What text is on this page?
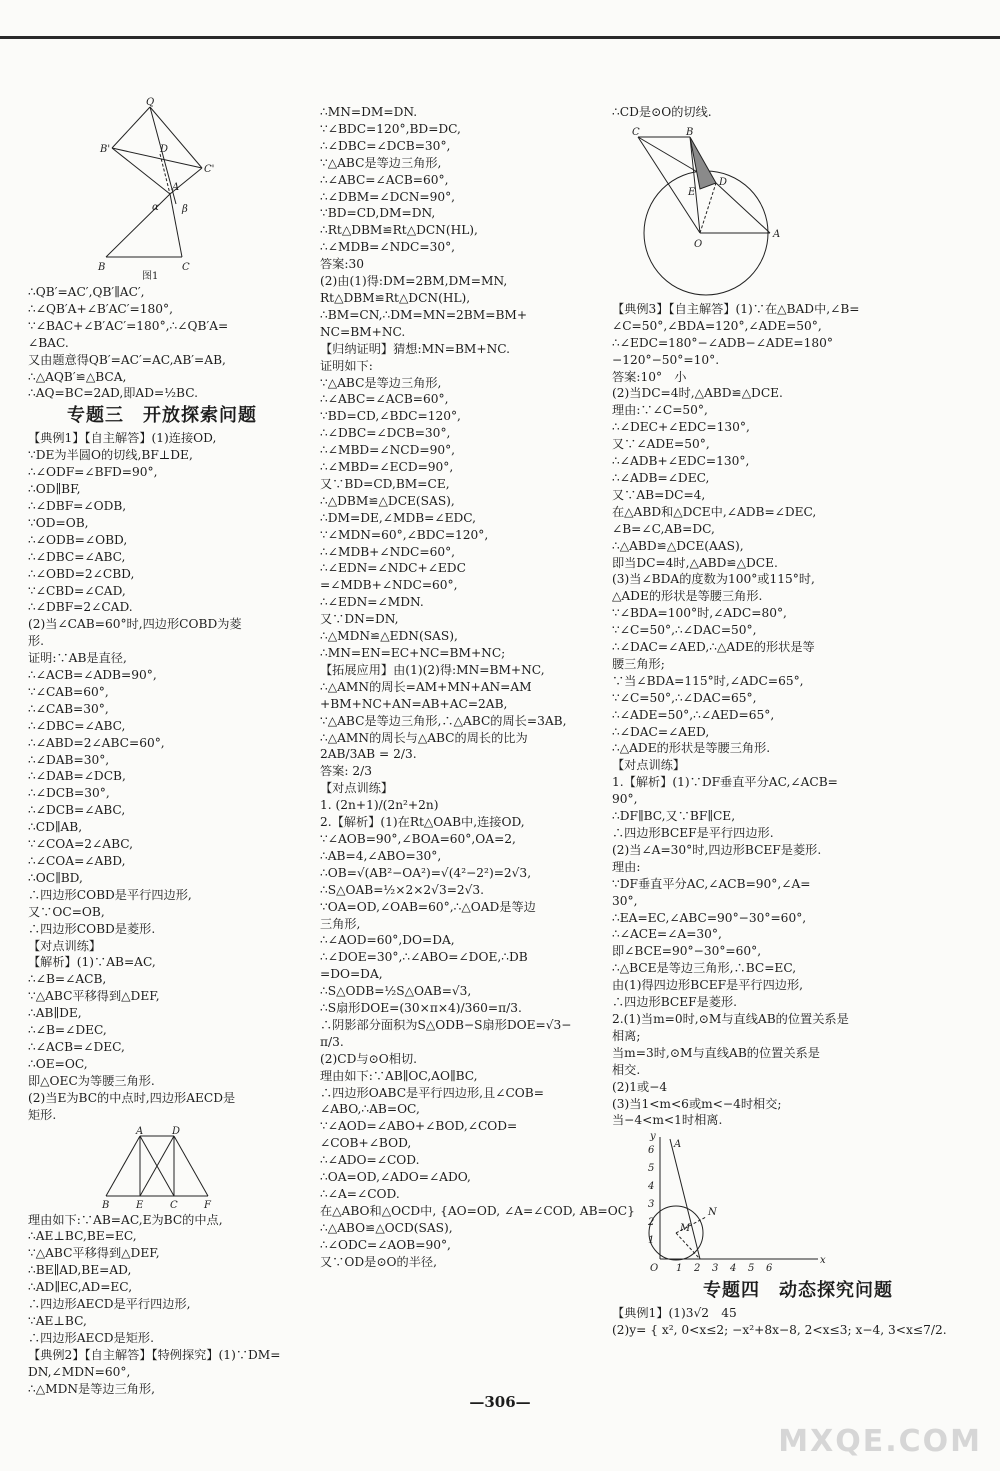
Q
B'	D
C'
A
α β
B	C
图1
∴QB′=AC′,QB′∥AC′,
∴∠QB′A+∠B′AC′=180°,
∵∠BAC+∠B′AC′=180°,∴∠QB′A=
∠BAC.
又由题意得QB′=AC′=AC,AB′=AB,
∴△AQB′≌△BCA,
∴AQ=BC=2AD,即AD=½BC.
专题三　开放探索问题
【典例1】【自主解答】(1)连接OD,
∵DE为半圆O的切线,BF⊥DE,
∴∠ODF=∠BFD=90°,
∴OD∥BF,
∴∠DBF=∠ODB,
∵OD=OB,
∴∠ODB=∠OBD,
∴∠DBC=∠ABC,
∴∠OBD=2∠CBD,
∵∠CBD=∠CAD,
∴∠DBF=2∠CAD.
(2)当∠CAB=60°时,四边形COBD为菱
形.
证明:∵AB是直径,
∴∠ACB=∠ADB=90°,
∵∠CAB=60°,
∴∠CAB=30°,
∴∠DBC=∠ABC,
∴∠ABD=2∠ABC=60°,
∴∠DAB=30°,
∴∠DAB=∠DCB,
∴∠DCB=30°,
∴∠DCB=∠ABC,
∴CD∥AB,
∵∠COA=2∠ABC,
∴∠COA=∠ABD,
∴OC∥BD,
∴四边形COBD是平行四边形,
又∵OC=OB,
∴四边形COBD是菱形.
【对点训练】
【解析】(1)∵AB=AC,
∴∠B=∠ACB,
∵△ABC平移得到△DEF,
∴AB∥DE,
∴∠B=∠DEC,
∴∠ACB=∠DEC,
∴OE=OC,
即△OEC为等腰三角形.
(2)当E为BC的中点时,四边形AECD是
矩形.
A	D
B	E	C	F
理由如下:∵AB=AC,E为BC的中点,
∴AE⊥BC,BE=EC,
∵△ABC平移得到△DEF,
∴BE∥AD,BE=AD,
∴AD∥EC,AD=EC,
∴四边形AECD是平行四边形,
∵AE⊥BC,
∴四边形AECD是矩形.
【典例2】【自主解答】【特例探究】(1)∵DM=
DN,∠MDN=60°,
∴△MDN是等边三角形,
∴MN=DM=DN.
∵∠BDC=120°,BD=DC,
∴∠DBC=∠DCB=30°,
∵△ABC是等边三角形,
∴∠ABC=∠ACB=60°,
∴∠DBM=∠DCN=90°,
∵BD=CD,DM=DN,
∴Rt△DBM≌Rt△DCN(HL),
∴∠MDB=∠NDC=30°,
答案:30
(2)由(1)得:DM=2BM,DM=MN,
Rt△DBM≌Rt△DCN(HL),
∴BM=CN,∴DM=MN=2BM=BM+
NC=BM+NC.
【归纳证明】猜想:MN=BM+NC.
证明如下:
∵△ABC是等边三角形,
∴∠ABC=∠ACB=60°,
∵BD=CD,∠BDC=120°,
∴∠DBC=∠DCB=30°,
∴∠MBD=∠NCD=90°,
∴∠MBD=∠ECD=90°,
又∵BD=CD,BM=CE,
∴△DBM≌△DCE(SAS),
∴DM=DE,∠MDB=∠EDC,
∵∠MDN=60°,∠BDC=120°,
∴∠MDB+∠NDC=60°,
∴∠EDN=∠NDC+∠EDC
=∠MDB+∠NDC=60°,
∴∠EDN=∠MDN.
又∵DN=DN,
∴△MDN≌△EDN(SAS),
∴MN=EN=EC+NC=BM+NC;
【拓展应用】由(1)(2)得:MN=BM+NC,
∴△AMN的周长=AM+MN+AN=AM
+BM+NC+AN=AB+AC=2AB,
∵△ABC是等边三角形,∴△ABC的周长=3AB,
∴△AMN的周长与△ABC的周长的比为
2AB/3AB = 2/3.
答案: 2/3
【对点训练】
1. (2n+1)/(2n²+2n)
2.【解析】(1)在Rt△OAB中,连接OD,
∵∠AOB=90°,∠BOA=60°,OA=2,
∴AB=4,∠ABO=30°,
∴OB=√(AB²−OA²)=√(4²−2²)=2√3,
∴S△OAB=½×2×2√3=2√3.
∵OA=OD,∠OAB=60°,∴△OAD是等边
三角形,
∴∠AOD=60°,DO=DA,
∴∠DOE=30°,∴∠ABO=∠DOE,∴DB
=DO=DA,
∴S△ODB=½S△OAB=√3,
∴S扇形DOE=(30×π×4)/360=π/3.
∴阴影部分面积为S△ODB−S扇形DOE=√3−
π/3.
(2)CD与⊙O相切.
理由如下:∵AB∥OC,AO∥BC,
∴四边形OABC是平行四边形,且∠COB=
∠ABO,∴AB=OC,
∵∠AOD=∠ABO+∠BOD,∠COD=
∠COB+∠BOD,
∴∠ADO=∠COD.
∴OA=OD,∠ADO=∠ADO,
∴∠A=∠COD.
在△ABO和△OCD中, {AO=OD, ∠A=∠COD, AB=OC}
∴△ABO≌△OCD(SAS),
∴∠ODC=∠AOB=90°,
又∵OD是⊙O的半径,
∴CD是⊙O的切线.
C	B
E
D
O
A
【典例3】【自主解答】(1)∵在△BAD中,∠B=
∠C=50°,∠BDA=120°,∠ADE=50°,
∴∠EDC=180°−∠ADB−∠ADE=180°
−120°−50°=10°.
答案:10°　小
(2)当DC=4时,△ABD≌△DCE.
理由:∵∠C=50°,
∴∠DEC+∠EDC=130°,
又∵∠ADE=50°,
∴∠ADB+∠EDC=130°,
∴∠ADB=∠DEC,
又∵AB=DC=4,
在△ABD和△DCE中,∠ADB=∠DEC,
∠B=∠C,AB=DC,
∴△ABD≌△DCE(AAS),
即当DC=4时,△ABD≌△DCE.
(3)当∠BDA的度数为100°或115°时,
△ADE的形状是等腰三角形.
∵∠BDA=100°时,∠ADC=80°,
∵∠C=50°,∴∠DAC=50°,
∴∠DAC=∠AED,∴△ADE的形状是等
腰三角形;
∵当∠BDA=115°时,∠ADC=65°,
∵∠C=50°,∴∠DAC=65°,
∴∠ADE=50°,∴∠AED=65°,
∴∠DAC=∠AED,
∴△ADE的形状是等腰三角形.
【对点训练】
1.【解析】(1)∵DF垂直平分AC,∠ACB=
90°,
∴DF∥BC,又∵BF∥CE,
∴四边形BCEF是平行四边形.
(2)当∠A=30°时,四边形BCEF是菱形.
理由:
∵DF垂直平分AC,∠ACB=90°,∠A=
30°,
∴EA=EC,∠ABC=90°−30°=60°,
∴∠ACE=∠A=30°,
即∠BCE=90°−30°=60°,
∴△BCE是等边三角形,∴BC=EC,
由(1)得四边形BCEF是平行四边形,
∴四边形BCEF是菱形.
2.(1)当m=0时,⊙M与直线AB的位置关系是
相离;
当m=3时,⊙M与直线AB的位置关系是
相交.
(2)1或−4
(3)当1<m<6或m<−4时相交;
当−4<m<1时相离.
6
5
4
3
2
1
1 2 3 4 5 6
y
A
N
M
O
x
专题四　动态探究问题
【典例1】(1)3√2　45
(2)y= { x², 0<x≤2; −x²+8x−8, 2<x≤3; x−4, 3<x≤7/2.
—306—
MXQE.COM
